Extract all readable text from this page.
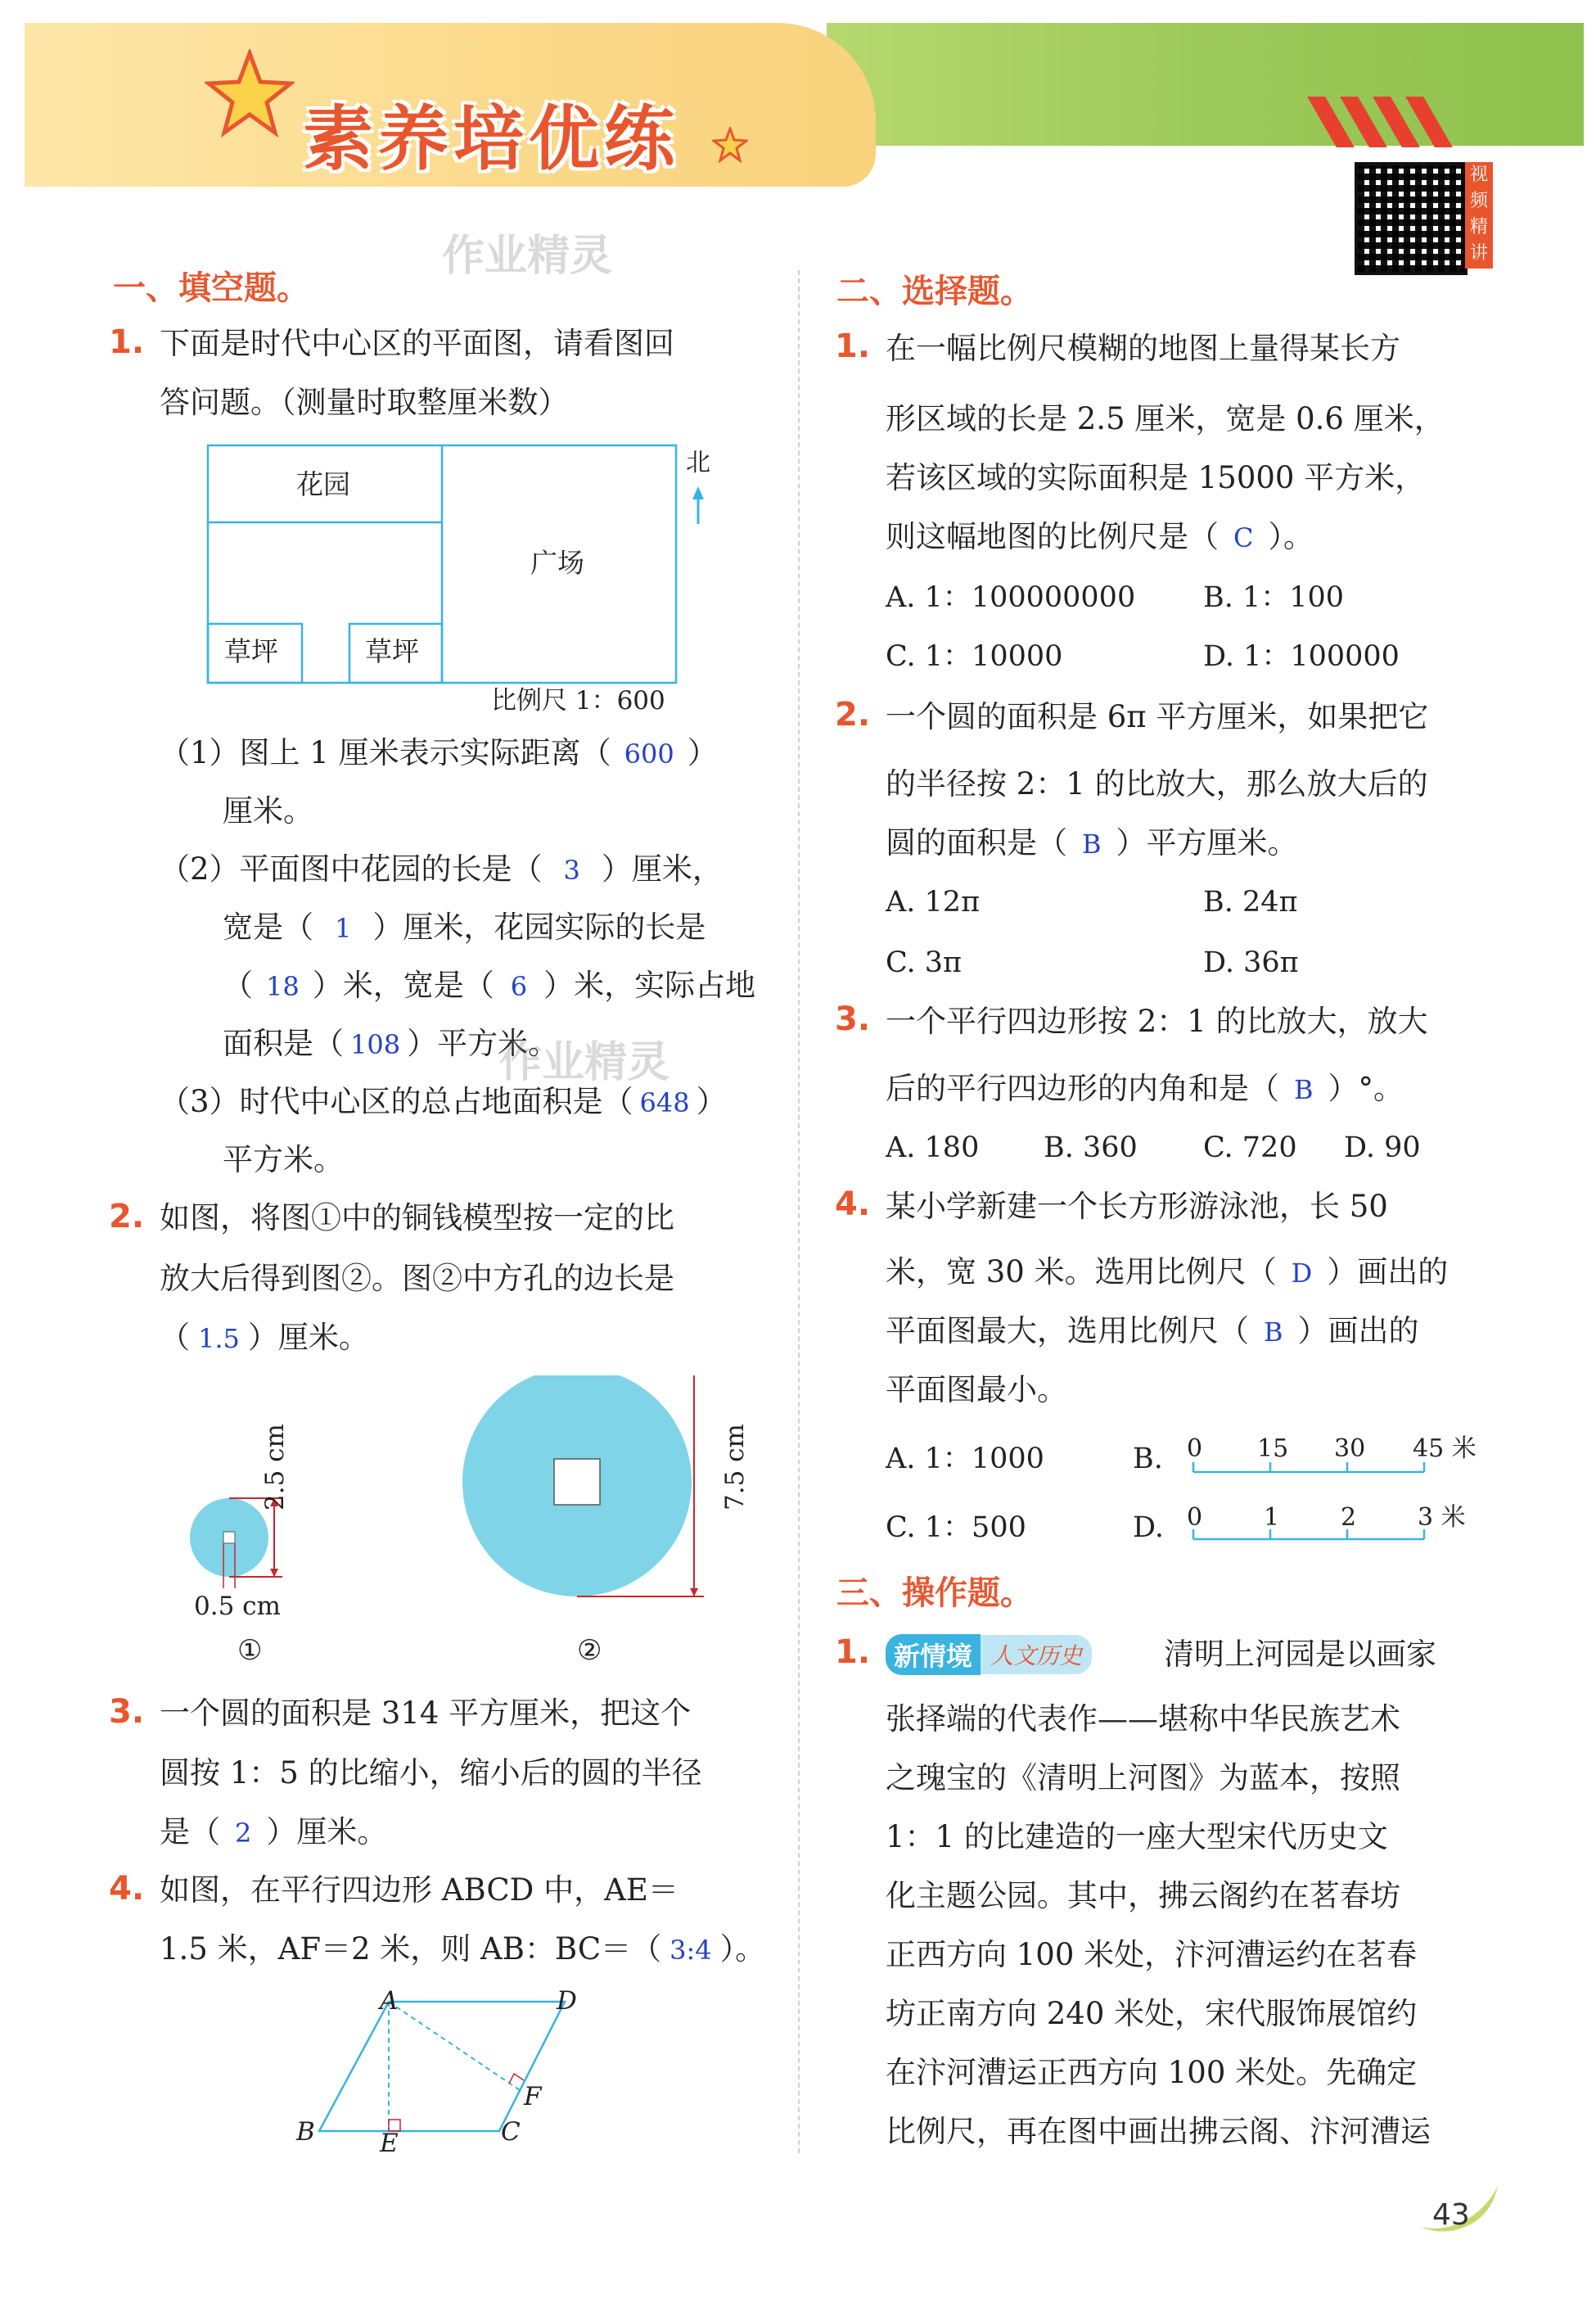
素养培优练	视频精讲
作业精灵
一、填空题。
1. 下面是时代中心区的平面图，请看图回
答问题。（测量时取整厘米数）
花园
广场
草坪	草坪
北
比例尺 1：600
（1）图上 1 厘米表示实际距离（ 600 ）
厘米。
（2）平面图中花园的长是（ 3 ）厘米，
宽是（ 1 ）厘米，花园实际的长是
（ 18 ）米，宽是（ 6 ）米，实际占地
面积是（ 108 ）平方米。
作业精灵
（3）时代中心区的总占地面积是（ 648 ）
平方米。
2. 如图，将图①中的铜钱模型按一定的比
放大后得到图②。图②中方孔的边长是
（ 1.5 ）厘米。
2.5 cm
0.5 cm
7.5 cm
①	②
3. 一个圆的面积是 314 平方厘米，把这个
圆按 1：5 的比缩小，缩小后的圆的半径
是（ 2 ）厘米。
4. 如图，在平行四边形 ABCD 中，AE＝
1.5 米，AF＝2 米，则 AB：BC＝（ 3:4 ）。
A	D
B	E	C
F
二、选择题。
1. 在一幅比例尺模糊的地图上量得某长方
形区域的长是 2.5 厘米，宽是 0.6 厘米，
若该区域的实际面积是 15000 平方米，
则这幅地图的比例尺是（ C ）。
A. 1：100000000 B. 1：100
C. 1：10000	D. 1：100000
2. 一个圆的面积是 6π 平方厘米，如果把它
的半径按 2：1 的比放大，那么放大后的
圆的面积是（ B ）平方厘米。
A. 12π	B. 24π
C. 3π	D. 36π
3. 一个平行四边形按 2：1 的比放大，放大
后的平行四边形的内角和是（ B ）°。
A. 180 B. 360 C. 720 D. 90
4. 某小学新建一个长方形游泳池，长 50
米，宽 30 米。选用比例尺（ D ）画出的
平面图最大，选用比例尺（ B ）画出的
平面图最小。
A. 1：1000	B.
C. 1：500	D.
0 15 30 45 米
0 1 2 3 米
三、操作题。
1. 新情境 人文历史	清明上河园是以画家
张择端的代表作——堪称中华民族艺术
之瑰宝的《清明上河图》为蓝本，按照
1：1 的比建造的一座大型宋代历史文
化主题公园。其中，拂云阁约在茗春坊
正西方向 100 米处，汴河漕运约在茗春
坊正南方向 240 米处，宋代服饰展馆约
在汴河漕运正西方向 100 米处。先确定
比例尺，再在图中画出拂云阁、汴河漕运
43
